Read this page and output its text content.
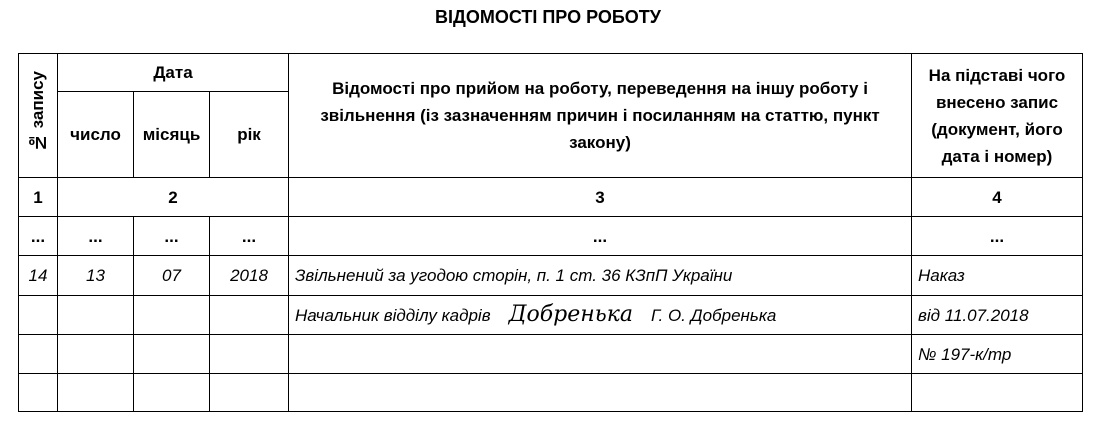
ВІДОМОСТІ ПРО РОБОТУ
№ запису	Дата			Відомості про прийом на роботу, переведення на іншу роботу і звільнення (із зазначенням причин і посиланням на статтю, пункт закону)	На підставі чого внесено запис (документ, його дата і номер)

	число	місяць	рік		
1	2			3	4
...	...	...	...	...	...
14	13	07	2018	Звільнений за угодою сторін, п. 1 ст. 36 КЗпП України	Наказ
				Начальник відділу кадрів Добренька Г. О. Добренька	від 11.07.2018
					№ 197-к/тр
